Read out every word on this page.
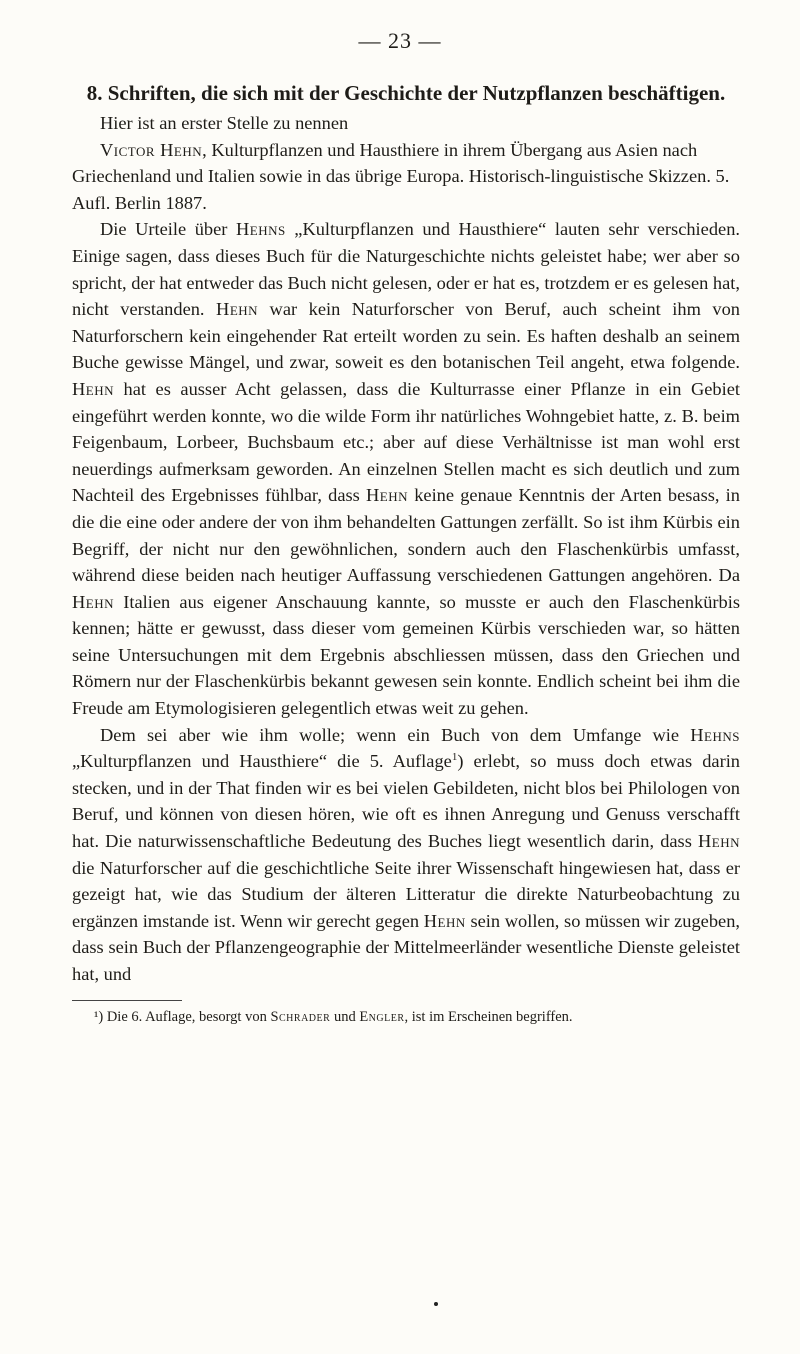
— 23 —
8. Schriften, die sich mit der Geschichte der Nutzpflanzen beschäftigen.

Hier ist an erster Stelle zu nennen

Victor Hehn, Kulturpflanzen und Hausthiere in ihrem Übergang aus Asien nach Griechenland und Italien sowie in das übrige Europa. Historisch-linguistische Skizzen. 5. Aufl. Berlin 1887.

Die Urteile über Hehns „Kulturpflanzen und Hausthiere“ lauten sehr verschieden. Einige sagen, dass dieses Buch für die Naturgeschichte nichts geleistet habe; wer aber so spricht, der hat entweder das Buch nicht gelesen, oder er hat es, trotzdem er es gelesen hat, nicht verstanden. Hehn war kein Naturforscher von Beruf, auch scheint ihm von Naturforschern kein eingehender Rat erteilt worden zu sein. Es haften deshalb an seinem Buche gewisse Mängel, und zwar, soweit es den botanischen Teil angeht, etwa folgende. Hehn hat es ausser Acht gelassen, dass die Kulturrasse einer Pflanze in ein Gebiet eingeführt werden konnte, wo die wilde Form ihr natürliches Wohngebiet hatte, z. B. beim Feigenbaum, Lorbeer, Buchsbaum etc.; aber auf diese Verhältnisse ist man wohl erst neuerdings aufmerksam geworden. An einzelnen Stellen macht es sich deutlich und zum Nachteil des Ergebnisses fühlbar, dass Hehn keine genaue Kenntnis der Arten besass, in die die eine oder andere der von ihm behandelten Gattungen zerfällt. So ist ihm Kürbis ein Begriff, der nicht nur den gewöhnlichen, sondern auch den Flaschenkürbis umfasst, während diese beiden nach heutiger Auffassung verschiedenen Gattungen angehören. Da Hehn Italien aus eigener Anschauung kannte, so musste er auch den Flaschenkürbis kennen; hätte er gewusst, dass dieser vom gemeinen Kürbis verschieden war, so hätten seine Untersuchungen mit dem Ergebnis abschliessen müssen, dass den Griechen und Römern nur der Flaschenkürbis bekannt gewesen sein konnte. Endlich scheint bei ihm die Freude am Etymologisieren gelegentlich etwas weit zu gehen.

Dem sei aber wie ihm wolle; wenn ein Buch von dem Umfange wie Hehns „Kulturpflanzen und Hausthiere“ die 5. Auflage$^1$) erlebt, so muss doch etwas darin stecken, und in der That finden wir es bei vielen Gebildeten, nicht blos bei Philologen von Beruf, und können von diesen hören, wie oft es ihnen Anregung und Genuss verschafft hat. Die naturwissenschaftliche Bedeutung des Buches liegt wesentlich darin, dass Hehn die Naturforscher auf die geschichtliche Seite ihrer Wissenschaft hingewiesen hat, dass er gezeigt hat, wie das Studium der älteren Litteratur die direkte Naturbeobachtung zu ergänzen imstande ist. Wenn wir gerecht gegen Hehn sein wollen, so müssen wir zugeben, dass sein Buch der Pflanzengeographie der Mittelmeerländer wesentliche Dienste geleistet hat, und

¹) Die 6. Auflage, besorgt von Schrader und Engler, ist im Erscheinen begriffen.
